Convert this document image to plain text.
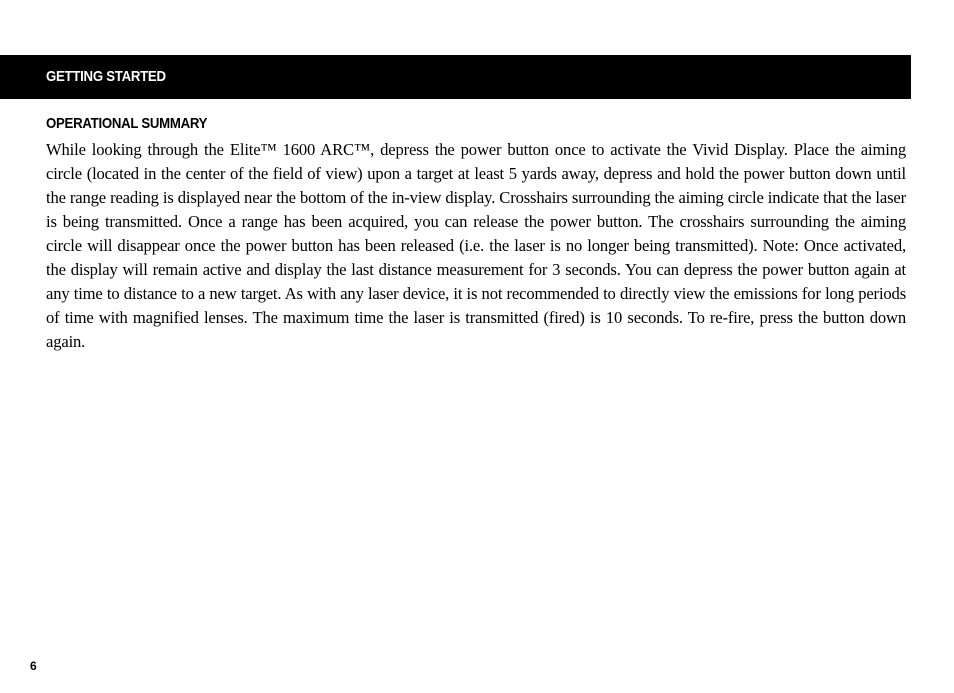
GETTING STARTED
OPERATIONAL SUMMARY

While looking through the Elite™ 1600 ARC™, depress the power button once to activate the Vivid Display. Place the aiming circle (located in the center of the field of view) upon a target at least 5 yards away, depress and hold the power button down until the range reading is displayed near the bottom of the in-view display. Crosshairs surrounding the aiming circle indicate that the laser is being transmitted. Once a range has been acquired, you can release the power button. The crosshairs surrounding the aiming circle will disappear once the power button has been released (i.e. the laser is no longer being transmitted). Note: Once activated, the display will remain active and display the last distance measurement for 3 seconds. You can depress the power button again at any time to distance to a new target. As with any laser device, it is not recommended to directly view the emissions for long periods of time with magnified lenses. The maximum time the laser is transmitted (fired) is 10 seconds. To re-fire, press the button down again.

6
